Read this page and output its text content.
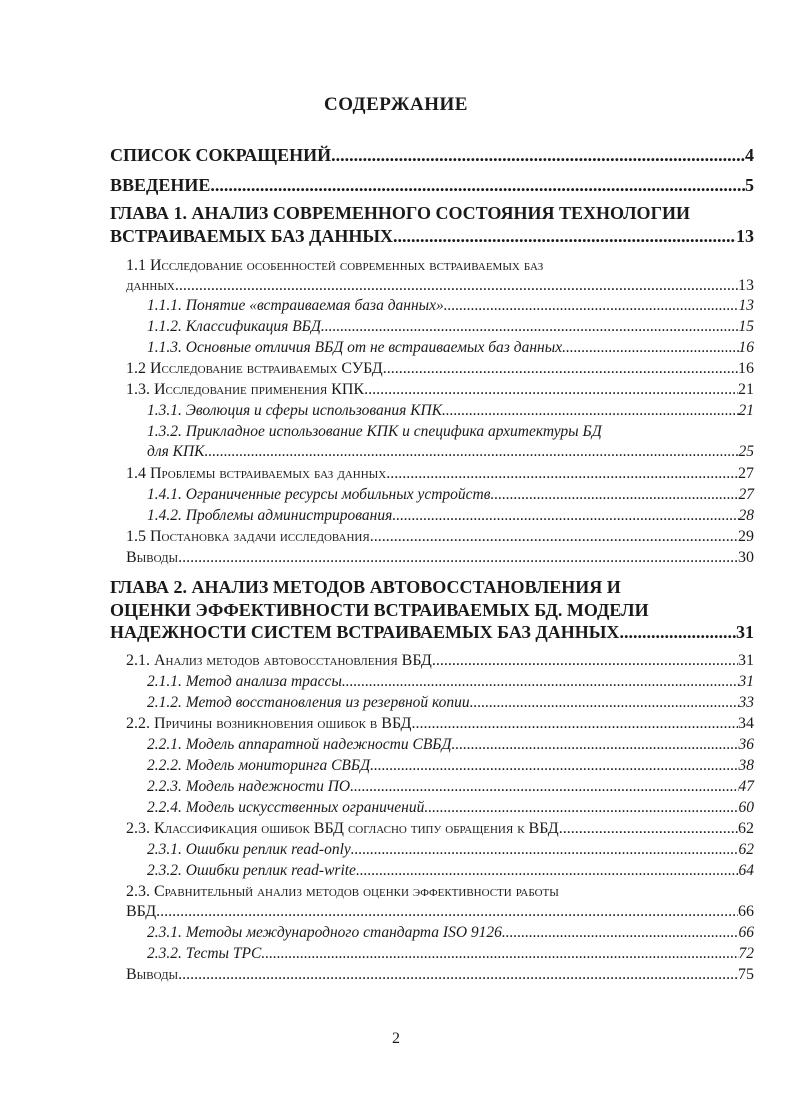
СОДЕРЖАНИЕ
СПИСОК СОКРАЩЕНИЙ .....	4
ВВЕДЕНИЕ .....	5
ГЛАВА 1. АНАЛИЗ СОВРЕМЕННОГО СОСТОЯНИЯ ТЕХНОЛОГИИ
ВСТРАИВАЕМЫХ БАЗ ДАННЫХ .....	13
1.1 Исследование особенностей современных встраиваемых баз
данных .....	13
1.1.1. Понятие «встраиваемая база данных» .....	13
1.1.2. Классификация ВБД .....	15
1.1.3. Основные отличия ВБД от не встраиваемых баз данных .....	16
1.2 Исследование встраиваемых СУБД .....	16
1.3. Исследование применения КПК .....	21
1.3.1. Эволюция и сферы использования КПК .....	21
1.3.2. Прикладное использование КПК и специфика архитектуры БД
для КПК .....	25
1.4 Проблемы встраиваемых баз данных .....	27
1.4.1. Ограниченные ресурсы мобильных устройств .....	27
1.4.2. Проблемы администрирования .....	28
1.5 Постановка задачи исследования .....	29
Выводы .....	30
ГЛАВА 2. АНАЛИЗ МЕТОДОВ АВТОВОССТАНОВЛЕНИЯ И
ОЦЕНКИ ЭФФЕКТИВНОСТИ ВСТРАИВАЕМЫХ БД. МОДЕЛИ
НАДЕЖНОСТИ СИСТЕМ ВСТРАИВАЕМЫХ БАЗ ДАННЫХ .....	31
2.1. Анализ методов автовосстановления ВБД .....	31
2.1.1. Метод анализа трассы .....	31
2.1.2. Метод восстановления из резервной копии .....	33
2.2. Причины возникновения ошибок в ВБД .....	34
2.2.1. Модель аппаратной надежности СВБД .....	36
2.2.2. Модель мониторинга СВБД .....	38
2.2.3. Модель надежности ПО .....	47
2.2.4. Модель искусственных ограничений .....	60
2.3. Классификация ошибок ВБД согласно типу обращения к ВБД .....	62
2.3.1. Ошибки реплик read-only .....	62
2.3.2. Ошибки реплик read-write .....	64
2.3. Сравнительный анализ методов оценки эффективности работы
ВБД .....	66
2.3.1. Методы международного стандарта ISO 9126 .....	66
2.3.2. Тесты TPC .....	72
Выводы .....	75
2
